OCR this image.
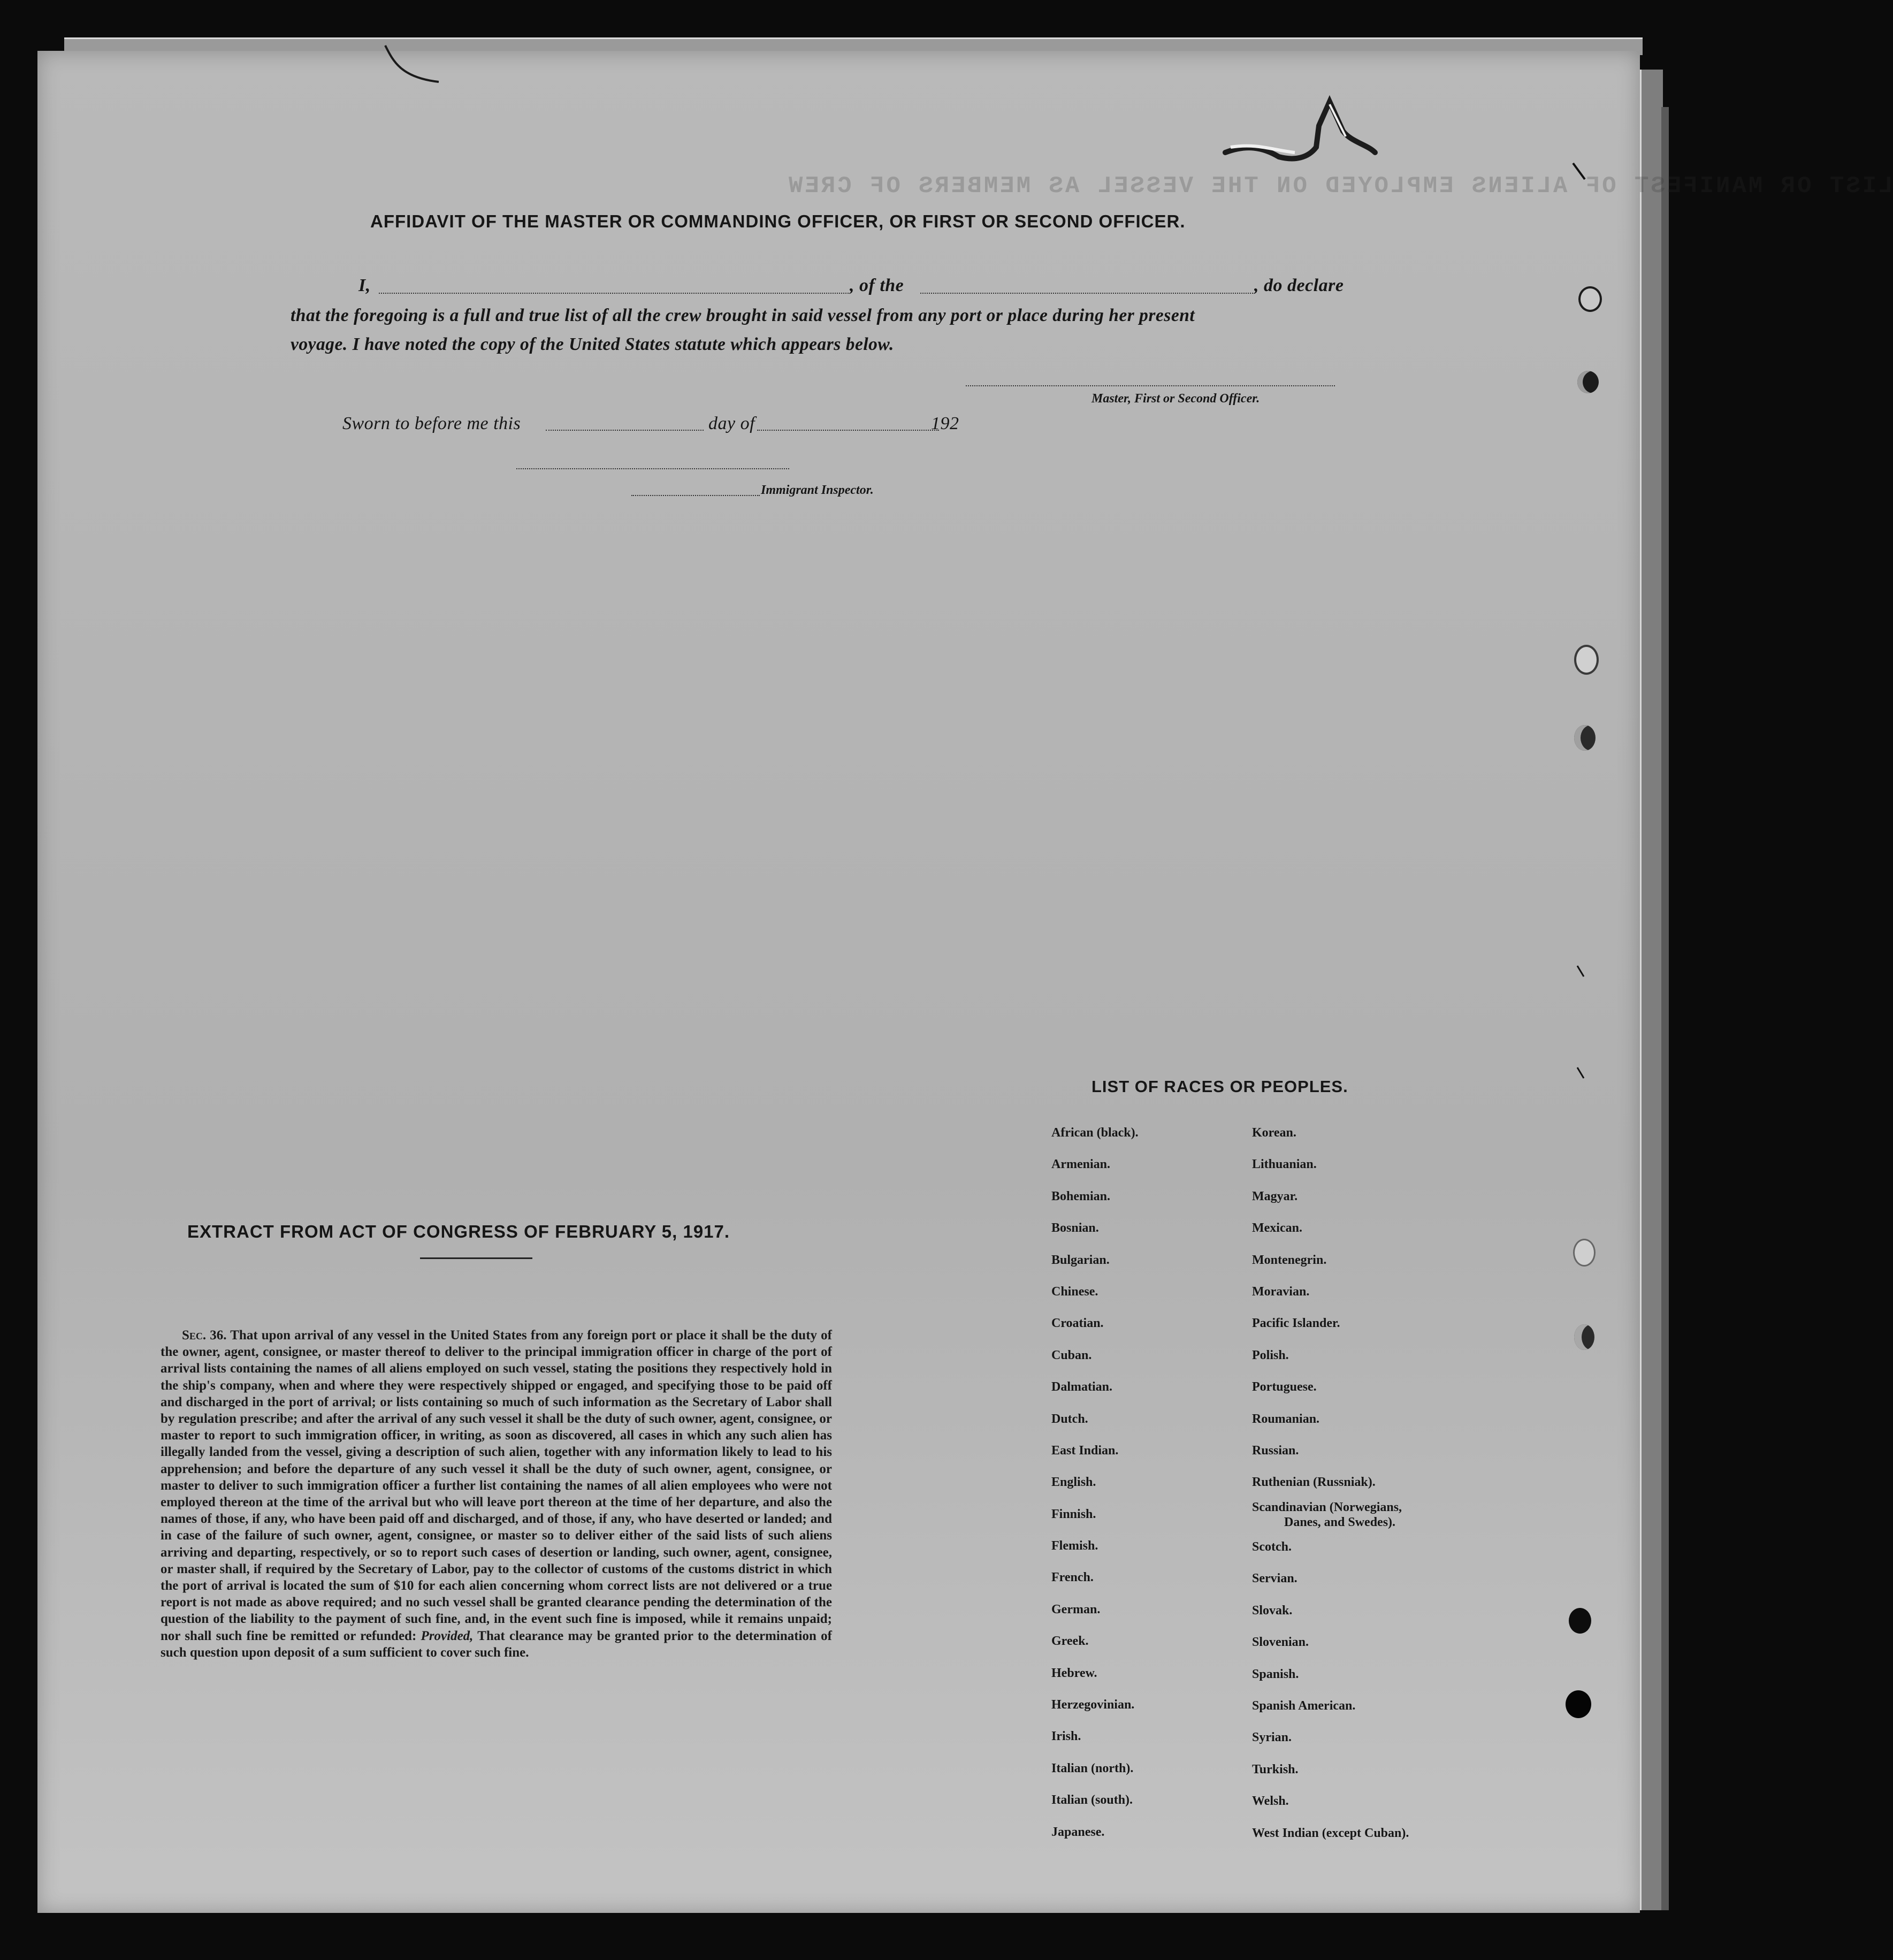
LIST OR MANIFEST OF ALIENS EMPLOYED ON THE VESSEL AS MEMBERS OF CREW
AFFIDAVIT OF THE MASTER OR COMMANDING OFFICER, OR FIRST OR SECOND OFFICER.
I,	, of the	, do declare
that the foregoing is a full and true list of all the crew brought in said vessel from any port or place during her present
voyage. I have noted the copy of the United States statute which appears below.
Master, First or Second Officer.
Sworn to before me this	day of	192
Immigrant Inspector.
EXTRACT FROM ACT OF CONGRESS OF FEBRUARY 5, 1917.
Sec. 36. That upon arrival of any vessel in the United States from any foreign port or place it shall be the duty of the owner, agent, consignee, or master thereof to deliver to the principal immigration officer in charge of the port of arrival lists containing the names of all aliens employed on such vessel, stating the positions they respectively hold in the ship's company, when and where they were respectively shipped or engaged, and specifying those to be paid off and discharged in the port of arrival; or lists containing so much of such information as the Secretary of Labor shall by regulation prescribe; and after the arrival of any such vessel it shall be the duty of such owner, agent, consignee, or master to report to such immigration officer, in writing, as soon as discovered, all cases in which any such alien has illegally landed from the vessel, giving a description of such alien, together with any information likely to lead to his apprehension; and before the departure of any such vessel it shall be the duty of such owner, agent, consignee, or master to deliver to such immigration officer a further list containing the names of all alien employees who were not employed thereon at the time of the arrival but who will leave port thereon at the time of her departure, and also the names of those, if any, who have been paid off and discharged, and of those, if any, who have deserted or landed; and in case of the failure of such owner, agent, consignee, or master so to deliver either of the said lists of such aliens arriving and departing, respectively, or so to report such cases of desertion or landing, such owner, agent, consignee, or master shall, if required by the Secretary of Labor, pay to the collector of customs of the customs district in which the port of arrival is located the sum of $10 for each alien concerning whom correct lists are not delivered or a true report is not made as above required; and no such vessel shall be granted clearance pending the determination of the question of the liability to the payment of such fine, and, in the event such fine is imposed, while it remains unpaid; nor shall such fine be remitted or refunded: Provided, That clearance may be granted prior to the determination of such question upon deposit of a sum sufficient to cover such fine.
LIST OF RACES OR PEOPLES.
African (black).
Armenian.
Bohemian.
Bosnian.
Bulgarian.
Chinese.
Croatian.
Cuban.
Dalmatian.
Dutch.
East Indian.
English.
Finnish.
Flemish.
French.
German.
Greek.
Hebrew.
Herzegovinian.
Irish.
Italian (north).
Italian (south).
Japanese.
Korean.
Lithuanian.
Magyar.
Mexican.
Montenegrin.
Moravian.
Pacific Islander.
Polish.
Portuguese.
Roumanian.
Russian.
Ruthenian (Russniak).
Scandinavian (Norwegians,
Danes, and Swedes).
Scotch.
Servian.
Slovak.
Slovenian.
Spanish.
Spanish American.
Syrian.
Turkish.
Welsh.
West Indian (except Cuban).
